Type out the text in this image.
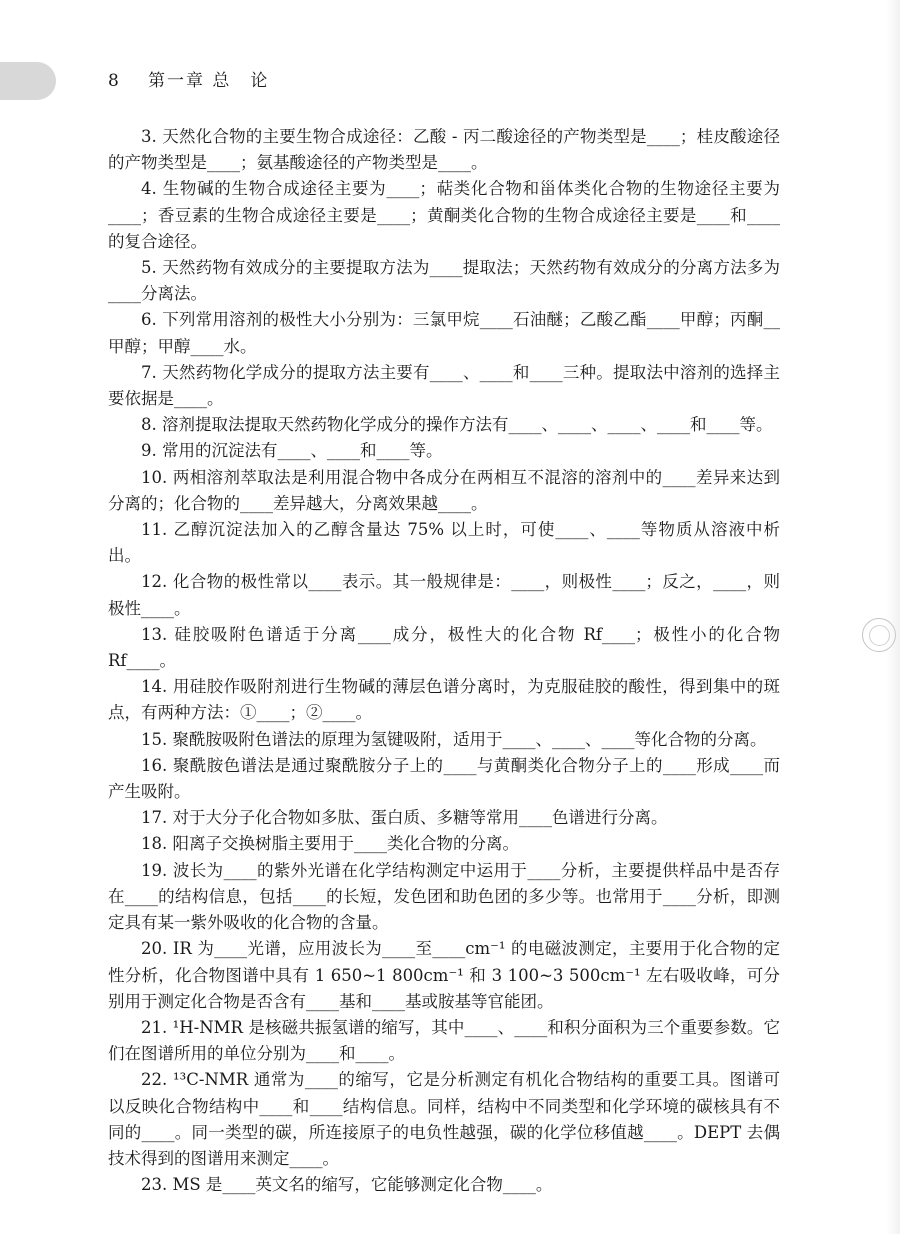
8 第一章 总　论

3. 天然化合物的主要生物合成途径：乙酸 - 丙二酸途径的产物类型是____；桂皮酸途径的产物类型是____；氨基酸途径的产物类型是____。

4. 生物碱的生物合成途径主要为____；萜类化合物和甾体类化合物的生物途径主要为____；香豆素的生物合成途径主要是____；黄酮类化合物的生物合成途径主要是____和____的复合途径。

5. 天然药物有效成分的主要提取方法为____提取法；天然药物有效成分的分离方法多为____分离法。

6. 下列常用溶剂的极性大小分别为：三氯甲烷____石油醚；乙酸乙酯____甲醇；丙酮__甲醇；甲醇____水。

7. 天然药物化学成分的提取方法主要有____、____和____三种。提取法中溶剂的选择主要依据是____。

8. 溶剂提取法提取天然药物化学成分的操作方法有____、____、____、____和____等。

9. 常用的沉淀法有____、____和____等。

10. 两相溶剂萃取法是利用混合物中各成分在两相互不混溶的溶剂中的____差异来达到分离的；化合物的____差异越大，分离效果越____。

11. 乙醇沉淀法加入的乙醇含量达 75% 以上时，可使____、____等物质从溶液中析出。

12. 化合物的极性常以____表示。其一般规律是：____，则极性____；反之，____，则极性____。

13. 硅胶吸附色谱适于分离____成分，极性大的化合物 Rf____；极性小的化合物 Rf____。

14. 用硅胶作吸附剂进行生物碱的薄层色谱分离时，为克服硅胶的酸性，得到集中的斑点，有两种方法：①____；②____。

15. 聚酰胺吸附色谱法的原理为氢键吸附，适用于____、____、____等化合物的分离。

16. 聚酰胺色谱法是通过聚酰胺分子上的____与黄酮类化合物分子上的____形成____而产生吸附。

17. 对于大分子化合物如多肽、蛋白质、多糖等常用____色谱进行分离。

18. 阳离子交换树脂主要用于____类化合物的分离。

19. 波长为____的紫外光谱在化学结构测定中运用于____分析，主要提供样品中是否存在____的结构信息，包括____的长短，发色团和助色团的多少等。也常用于____分析，即测定具有某一紫外吸收的化合物的含量。

20. IR 为____光谱，应用波长为____至____cm⁻¹ 的电磁波测定，主要用于化合物的定性分析，化合物图谱中具有 1 650~1 800cm⁻¹ 和 3 100~3 500cm⁻¹ 左右吸收峰，可分别用于测定化合物是否含有____基和____基或胺基等官能团。

21. ¹H-NMR 是核磁共振氢谱的缩写，其中____、____和积分面积为三个重要参数。它们在图谱所用的单位分别为____和____。

22. ¹³C-NMR 通常为____的缩写，它是分析测定有机化合物结构的重要工具。图谱可以反映化合物结构中____和____结构信息。同样，结构中不同类型和化学环境的碳核具有不同的____。同一类型的碳，所连接原子的电负性越强，碳的化学位移值越____。DEPT 去偶技术得到的图谱用来测定____。

23. MS 是____英文名的缩写，它能够测定化合物____。
